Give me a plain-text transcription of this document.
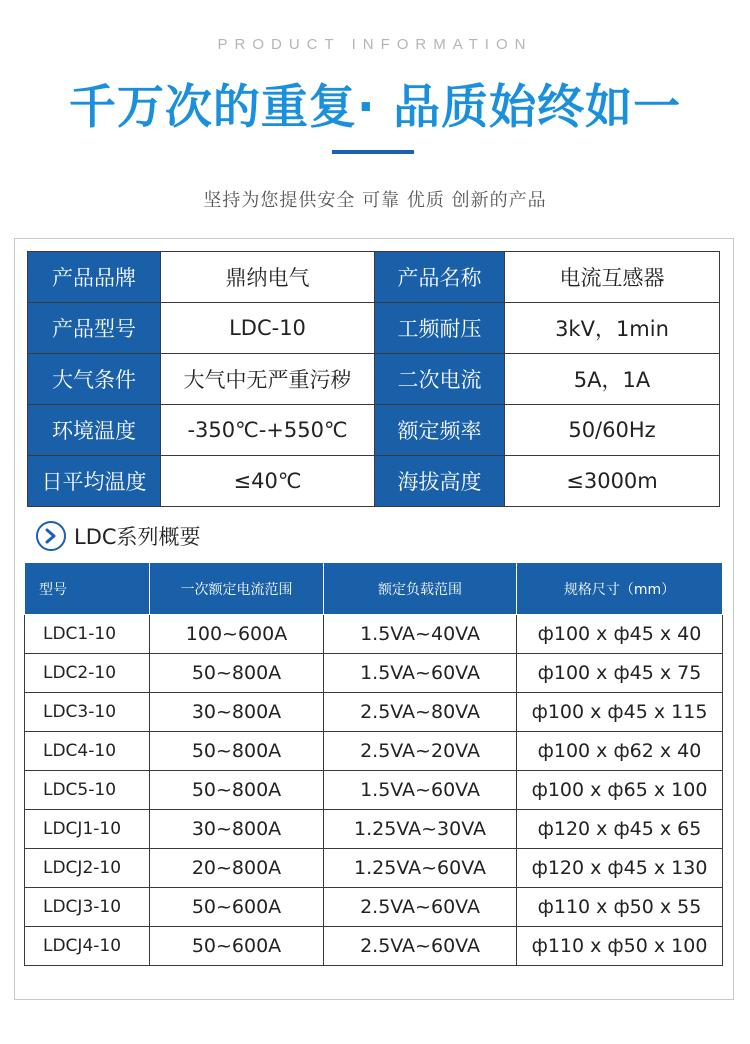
PRODUCT INFORMATION
千万次的重复· 品质始终如一
坚持为您提供安全 可靠 优质 创新的产品
产品品牌	鼎纳电气	产品名称	电流互感器
产品型号	LDC-10	工频耐压	3kV，1min
大气条件	大气中无严重污秽	二次电流	5A，1A
环境温度	-350℃-+550℃	额定频率	50/60Hz
日平均温度	≤40℃	海拔高度	≤3000m
LDC系列概要
型号	一次额定电流范围	额定负载范围	规格尺寸（mm）
LDC1-10	100~600A	1.5VA~40VA	ф100 x ф45 x 40
LDC2-10	50~800A	1.5VA~60VA	ф100 x ф45 x 75
LDC3-10	30~800A	2.5VA~80VA	ф100 x ф45 x 115
LDC4-10	50~800A	2.5VA~20VA	ф100 x ф62 x 40
LDC5-10	50~800A	1.5VA~60VA	ф100 x ф65 x 100
LDCJ1-10	30~800A	1.25VA~30VA	ф120 x ф45 x 65
LDCJ2-10	20~800A	1.25VA~60VA	ф120 x ф45 x 130
LDCJ3-10	50~600A	2.5VA~60VA	ф110 x ф50 x 55
LDCJ4-10	50~600A	2.5VA~60VA	ф110 x ф50 x 100
